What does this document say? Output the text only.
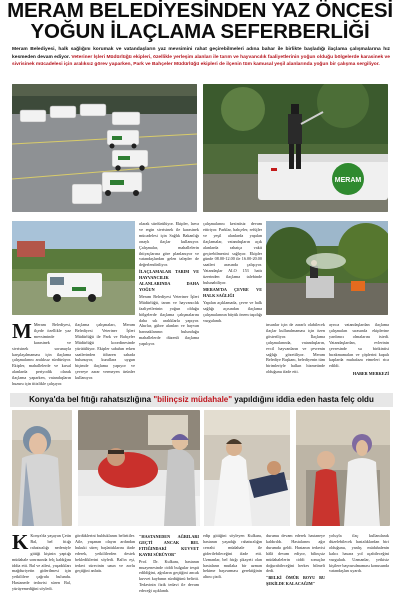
MERAM BELEDİYESİNDEN YAZ ÖNCESİ
YOĞUN İLAÇLAMA SEFERBERLİĞİ
Meram Belediyesi, halk sağlığını korumak ve vatandaşların yaz mevsimini rahat geçirebilmeleri adına bahar ile birlikte başladığı ilaçlama çalışmalarına hız kesmeden devam ediyor. Veteriner İşleri Müdürlüğü ekipleri, özellikle yerleşim alanları ile tarım ve hayvancılık faaliyetlerinin yoğun olduğu bölgelerde karasinek ve sivrisinek mücadelesi için aralıksız görev yaparken, Park ve Bahçeler Müdürlüğü ekipleri de ilçenin tüm kamusal yeşil alanlarında yoğun bir çalışma sergiliyor.
MERAM
M Meram Belediyesi, ilçede özellikle yaz mevsiminde karasinek ve sivrisinek sorunuyla karşılaşılmaması için ilaçlama çalışmalarını aralıksız sürdürüyor. Ekipler, mahallelerde ve kırsal alanlarda periyodik olarak ilaçlama yaparken, vatandaşların huzuru için titizlikle çalışıyor.
ilaçlama çalışmaları, Meram Belediyesi Veteriner İşleri Müdürlüğü ile Park ve Bahçeler Müdürlüğü koordinesinde yürütülüyor. Ekipler sabahın erken saatlerinden itibaren sahada bulunuyor, kurallara uygun biçimde ilaçlama yapıyor ve çevreye zarar vermeyen ürünler kullanıyor.
olarak sürdürülüyor. Ekipler, larva ve ergin sivrisinek ile karasinek mücadelesi için Sağlık Bakanlığı onaylı ilaçlar kullanıyor. Çalışmalar, mahallelerin ihtiyaçlarına göre planlanıyor ve vatandaşlardan gelen talepler de değerlendiriliyor.
İLAÇLAMALAR TARIM VE HAYVANCILIK ALANLARINDA DAHA YOĞUN
Meram Belediyesi Veteriner İşleri Müdürlüğü, tarım ve hayvancılık faaliyetlerinin yoğun olduğu bölgelerde ilaçlama çalışmalarını daha sık aralıklarla yapıyor. Ahırlar, gübre alanları ve hayvan barınaklarının bulunduğu mahallelerde düzenli ilaçlama yapılıyor.
çalışmalarını kesintisiz devam ettiriyor. Parklar, bahçeler, refüjler ve yeşil alanlarda yapılan ilaçlamalar, vatandaşların açık alanlarda rahatça vakit geçirebilmesini sağlıyor. Ekipler günde 08.00-12.00 ile 16.00-20.00 saatleri arasında çalışıyor. Vatandaşlar ALO 153 hattı üzerinden ilaçlama talebinde bulunabiliyor.
MERAM'DA ÇEVRE VE HALK SAĞLIĞI
Yapılan açıklamada, çevre ve halk sağlığı açısından ilaçlama çalışmalarının büyük önem taşıdığı vurgulandı.
insanlar için de zararlı olabilecek ilaçlar kullanılmaması için özen gösteriliyor. İlaçlama çalışmalarında, vatandaşların, evcil hayvanların ve çevrenin sağlığı gözetiliyor. Meram Belediye Başkanı, belediyenin tüm birimleriyle halkın hizmetinde olduğunu ifade etti.
ayrıca vatandaşlardan ilaçlama çalışmaları sırasında ekiplerine yardımcı olmalarını istedi. Vatandaşlardan, evlerinin çevresinde su birikintisi bırakmamaları ve çöplerini kapalı kaplarda muhafaza etmeleri rica edildi.
HABER MERKEZİ
Konya'da bel fıtığı rahatsızlığına "bilinçsiz müdahale" yapıldığını iddia eden hasta felç oldu
K Konya'da yaşayan Çetin Bal, bel fıtığı rahatsızlığı nedeniyle gittiği kişinin yaptığı müdahale sonrasında felç kaldığını iddia etti. Bal ve ailesi, yaşadıkları mağduriyetin giderilmesi için yetkililere çağrıda bulundu. Hastanede tedavisi süren Bal, yürüyemediğini söyledi.
gördüklerini bulduklarını belirttiler. Aile, yaşanan olayın ardından hukuki süreç başlattıklarını ifade ederek, yetkililerden destek beklediklerini söyledi. Bal'ın eşi, tedavi sürecinin uzun ve zorlu geçtiğini anlattı.
"HASTANEDEN AĞRILARI GEÇTİ ANCAK BEL FITIĞINDAKİ KUVVET KAYBI SÜRÜYOR"
Prof. Dr. Kulkanı, hastanın muayenesinde ciddi bulgular tespit edildiğini, ağrıların geçtiğini ancak kuvvet kaybının sürdüğünü belirtti. Tedavinin fizik tedavi ile devam edeceği açıklandı.
edip gittiğini söyleyen Kulkanı, hastanın yaşadığı rahatsızlığın cerrahi müdahale ile giderilebileceğini ifade etti. Uzmanlar, bel fıtığı şikayeti olan hastaların mutlaka bir uzman hekime başvurması gerektiğinin altını çizdi.
durumu devam ederek hastaneye kaldırıldı. Hastalarım ağır durumda geldi. Hastanın tedavisi hâlâ devam ediyor, bilinçsiz müdahalelerin ciddi sonuçlar doğurabileceğini herkes bilmeli dedi.
"BELKİ ÖMÜR BOYU BU ŞEKİLDE KALACAĞIM"
yoluyla ilaç kullanılarak düzelebilecek hastalıklardan biri olduğunu, yanlış müdahalenin kalıcı hasara yol açabileceğini vurguladı. Uzmanlar, yetkisiz kişilere başvurulmaması konusunda vatandaşları uyardı.
